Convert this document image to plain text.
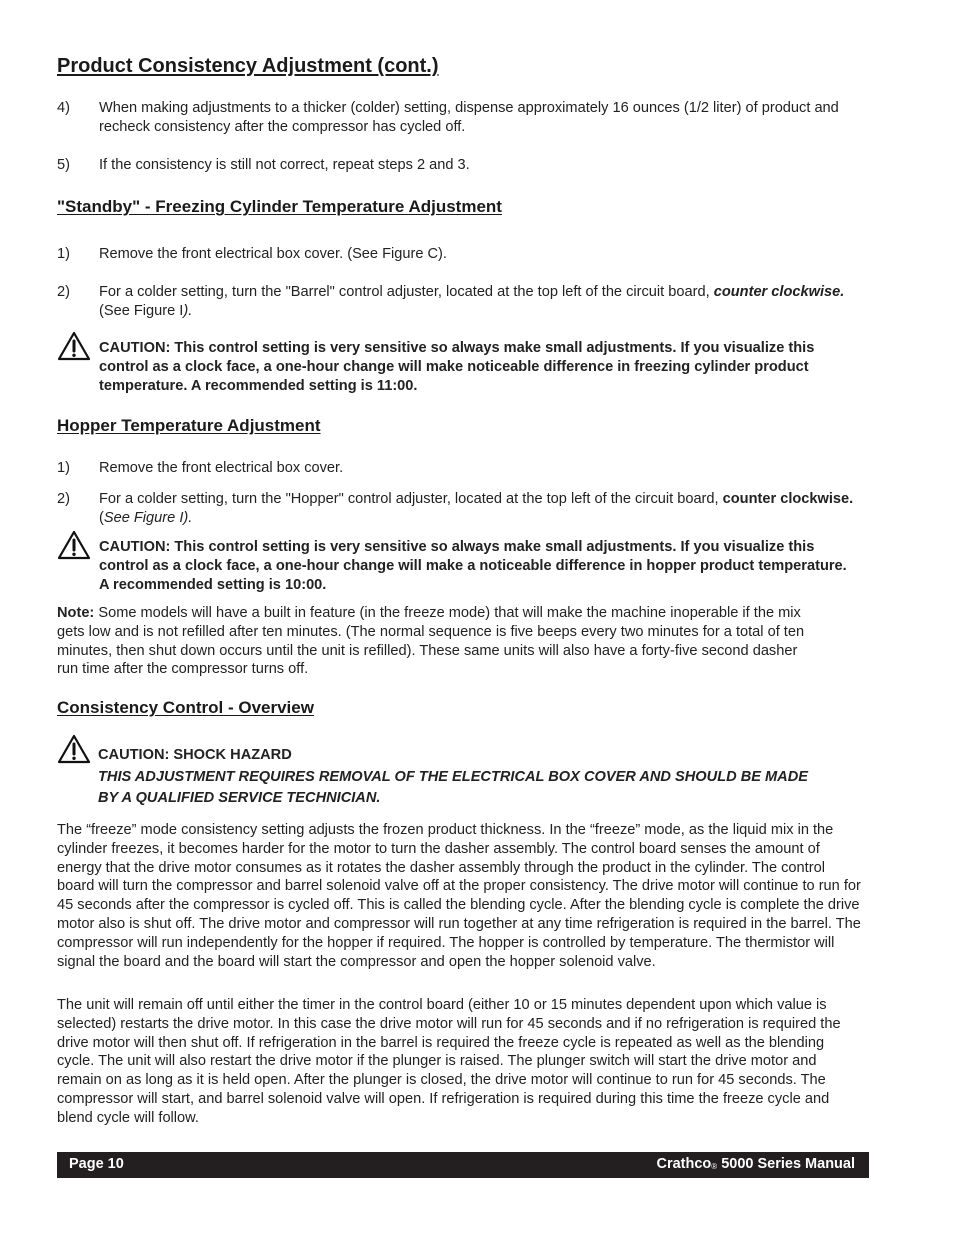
Product Consistency Adjustment (cont.)
4) When making adjustments to a thicker (colder) setting, dispense approximately 16 ounces (1/2 liter) of product and recheck consistency after the compressor has cycled off.
5) If the consistency is still not correct, repeat steps 2 and 3.
"Standby" - Freezing Cylinder Temperature Adjustment
1) Remove the front electrical box cover. (See Figure C).
2) For a colder setting, turn the "Barrel" control adjuster, located at the top left of the circuit board, counter clockwise. (See Figure I).
CAUTION: This control setting is very sensitive so always make small adjustments. If you visualize this control as a clock face, a one-hour change will make noticeable difference in freezing cylinder product temperature. A recommended setting is 11:00.
Hopper Temperature Adjustment
1) Remove the front electrical box cover.
2) For a colder setting, turn the "Hopper" control adjuster, located at the top left of the circuit board, counter clockwise. (See Figure I).
CAUTION: This control setting is very sensitive so always make small adjustments. If you visualize this control as a clock face, a one-hour change will make a noticeable difference in hopper product temperature. A recommended setting is 10:00.
Note: Some models will have a built in feature (in the freeze mode) that will make the machine inoperable if the mix gets low and is not refilled after ten minutes. (The normal sequence is five beeps every two minutes for a total of ten minutes, then shut down occurs until the unit is refilled). These same units will also have a forty-five second dasher run time after the compressor turns off.
Consistency Control - Overview
CAUTION: SHOCK HAZARD
THIS ADJUSTMENT REQUIRES REMOVAL OF THE ELECTRICAL BOX COVER AND SHOULD BE MADE BY A QUALIFIED SERVICE TECHNICIAN.
The “freeze” mode consistency setting adjusts the frozen product thickness. In the “freeze” mode, as the liquid mix in the cylinder freezes, it becomes harder for the motor to turn the dasher assembly. The control board senses the amount of energy that the drive motor consumes as it rotates the dasher assembly through the product in the cylinder. The control board will turn the compressor and barrel solenoid valve off at the proper consistency. The drive motor will continue to run for 45 seconds after the compressor is cycled off. This is called the blending cycle. After the blending cycle is complete the drive motor also is shut off. The drive motor and compressor will run together at any time refrigeration is required in the barrel. The compressor will run independently for the hopper if required. The hopper is controlled by temperature. The thermistor will signal the board and the board will start the compressor and open the hopper solenoid valve.
The unit will remain off until either the timer in the control board (either 10 or 15 minutes dependent upon which value is selected) restarts the drive motor. In this case the drive motor will run for 45 seconds and if no refrigeration is required the drive motor will then shut off. If refrigeration in the barrel is required the freeze cycle is repeated as well as the blending cycle. The unit will also restart the drive motor if the plunger is raised. The plunger switch will start the drive motor and remain on as long as it is held open. After the plunger is closed, the drive motor will continue to run for 45 seconds. The compressor will start, and barrel solenoid valve will open. If refrigeration is required during this time the freeze cycle and blend cycle will follow.
Page 10	Crathco$_®$ 5000 Series Manual
